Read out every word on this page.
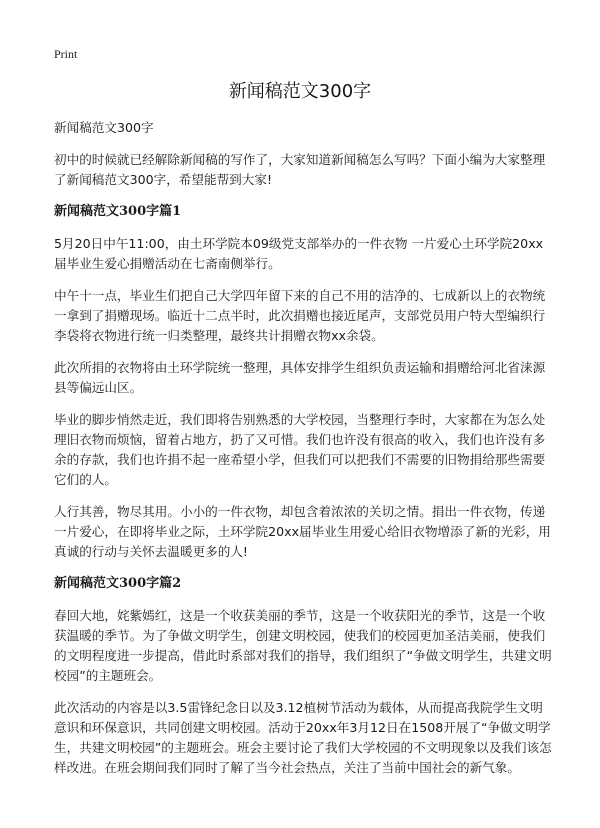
Print
新闻稿范文300字

新闻稿范文300字

初中的时候就已经解除新闻稿的写作了，大家知道新闻稿怎么写吗？下面小编为大家整理了新闻稿范文300字，希望能帮到大家!

新闻稿范文300字篇1

5月20日中午11:00，由土环学院本09级党支部举办的一件衣物 一片爱心土环学院20xx届毕业生爱心捐赠活动在七斋南侧举行。

中午十一点，毕业生们把自己大学四年留下来的自己不用的洁净的、七成新以上的衣物统一拿到了捐赠现场。临近十二点半时，此次捐赠也接近尾声，支部党员用户特大型编织行李袋将衣物进行统一归类整理，最终共计捐赠衣物xx余袋。

此次所捐的衣物将由土环学院统一整理，具体安排学生组织负责运输和捐赠给河北省涞源县等偏远山区。

毕业的脚步悄然走近，我们即将告别熟悉的大学校园，当整理行李时，大家都在为怎么处理旧衣物而烦恼，留着占地方，扔了又可惜。我们也许没有很高的收入，我们也许没有多余的存款，我们也许捐不起一座希望小学，但我们可以把我们不需要的旧物捐给那些需要它们的人。

人行其善，物尽其用。小小的一件衣物，却包含着浓浓的关切之情。捐出一件衣物，传递一片爱心，在即将毕业之际，土环学院20xx届毕业生用爱心给旧衣物增添了新的光彩，用真诚的行动与关怀去温暖更多的人!

新闻稿范文300字篇2

春回大地，姹紫嫣红，这是一个收获美丽的季节，这是一个收获阳光的季节，这是一个收获温暖的季节。为了争做文明学生，创建文明校园，使我们的校园更加圣洁美丽，使我们的文明程度进一步提高，借此时系部对我们的指导，我们组织了“争做文明学生，共建文明校园”的主题班会。

此次活动的内容是以3.5雷锋纪念日以及3.12植树节活动为载体，从而提高我院学生文明意识和环保意识，共同创建文明校园。活动于20xx年3月12日在1508开展了“争做文明学生，共建文明校园”的主题班会。班会主要讨论了我们大学校园的不文明现象以及我们该怎样改进。在班会期间我们同时了解了当今社会热点，关注了当前中国社会的新气象。
